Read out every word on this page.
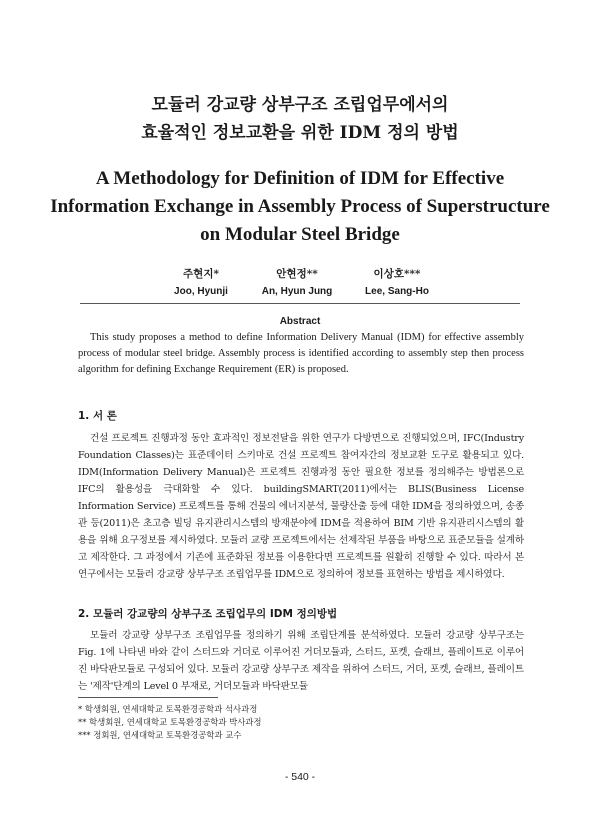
모듈러 강교량 상부구조 조립업무에서의
효율적인 정보교환을 위한 IDM 정의 방법
A Methodology for Definition of IDM for Effective
Information Exchange in Assembly Process of Superstructure
on Modular Steel Bridge
주현지*
Joo, Hyunji
안현정**
An, Hyun Jung
이상호***
Lee, Sang-Ho
Abstract
This study proposes a method to define Information Delivery Manual (IDM) for effective assembly process of modular steel bridge. Assembly process is identified according to assembly step then process algorithm for defining Exchange Requirement (ER) is proposed.
1. 서 론
건설 프로젝트 진행과정 동안 효과적인 정보전달을 위한 연구가 다방면으로 진행되었으며, IFC(Industry Foundation Classes)는 표준데이터 스키마로 건설 프로젝트 참여자간의 정보교환 도구로 활용되고 있다. IDM(Information Delivery Manual)은 프로젝트 진행과정 동안 필요한 정보를 정의해주는 방법론으로 IFC의 활용성을 극대화할 수 있다. buildingSMART(2011)에서는 BLIS(Business License Information Service) 프로젝트를 통해 건물의 에너지분석, 물량산출 등에 대한 IDM을 정의하였으며, 송종관 등(2011)은 초고층 빌딩 유지관리시스템의 방재분야에 IDM을 적용하여 BIM 기반 유지관리시스템의 활용을 위해 요구정보를 제시하였다. 모듈러 교량 프로젝트에서는 선제작된 부품을 바탕으로 표준모듈을 설계하고 제작한다. 그 과정에서 기존에 표준화된 정보를 이용한다면 프로젝트를 원활히 진행할 수 있다. 따라서 본 연구에서는 모듈러 강교량 상부구조 조립업무를 IDM으로 정의하여 정보를 표현하는 방법을 제시하였다.
2. 모듈러 강교량의 상부구조 조립업무의 IDM 정의방법
모듈러 강교량 상부구조 조립업무를 정의하기 위해 조립단계를 분석하였다. 모듈러 강교량 상부구조는 Fig. 1에 나타낸 바와 같이 스터드와 거더로 이루어진 거더모듈과, 스터드, 포켓, 슬래브, 플레이트로 이루어진 바닥판모듈로 구성되어 있다. 모듈러 강교량 상부구조 제작을 위하여 스터드, 거더, 포켓, 슬래브, 플레이트는 '제작'단계의 Level 0 부재로, 거더모듈과 바닥판모듈
* 학생회원, 연세대학교 토목환경공학과 석사과정
** 학생회원, 연세대학교 토목환경공학과 박사과정
*** 정회원, 연세대학교 토목환경공학과 교수
- 540 -
